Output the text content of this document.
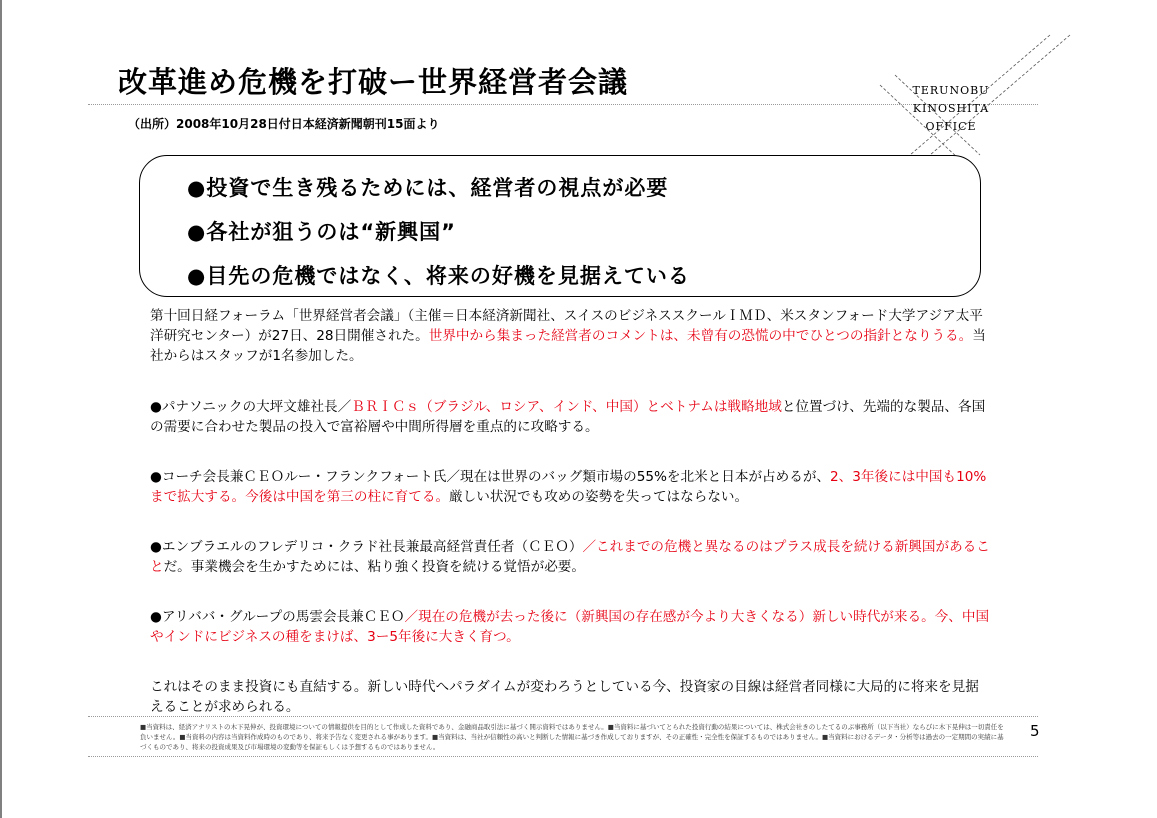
改革進め危機を打破ー世界経営者会議
（出所）2008年10月28日付日本経済新聞朝刊15面より
TERUNOBU
KINOSHITA
OFFICE
●投資で生き残るためには、経営者の視点が必要
●各社が狙うのは“新興国”
●目先の危機ではなく、将来の好機を見据えている

第十回日経フォーラム「世界経営者会議」（主催＝日本経済新聞社、スイスのビジネススクールＩＭＤ、米スタンフォード大学アジア太平洋研究センター）が27日、28日開催された。世界中から集まった経営者のコメントは、未曾有の恐慌の中でひとつの指針となりうる。当社からはスタッフが1名参加した。

●パナソニックの大坪文雄社長／ＢＲＩＣｓ（ブラジル、ロシア、インド、中国）とベトナムは戦略地域と位置づけ、先端的な製品、各国の需要に合わせた製品の投入で富裕層や中間所得層を重点的に攻略する。

●コーチ会長兼ＣＥＯルー・フランクフォート氏／現在は世界のバッグ類市場の55%を北米と日本が占めるが、2、3年後には中国も10%まで拡大する。今後は中国を第三の柱に育てる。厳しい状況でも攻めの姿勢を失ってはならない。

●エンブラエルのフレデリコ・クラド社長兼最高経営責任者（ＣＥＯ）／これまでの危機と異なるのはプラス成長を続ける新興国があることだ。事業機会を生かすためには、粘り強く投資を続ける覚悟が必要。

●アリババ・グループの馬雲会長兼ＣＥＯ／現在の危機が去った後に（新興国の存在感が今より大きくなる）新しい時代が来る。今、中国やインドにビジネスの種をまけば、3ー5年後に大きく育つ。

これはそのまま投資にも直結する。新しい時代へパラダイムが変わろうとしている今、投資家の目線は経営者同様に大局的に将来を見据えることが求められる。

■当資料は、経済アナリストの木下晃伸が、投資環境についての情報提供を目的として作成した資料であり、金融商品取引法に基づく開示資料ではありません。■当資料に基づいてとられた投資行動の結果については、株式会社きのしたてるのぶ事務所（以下当社）ならびに木下晃伸は一切責任を負いません。■当資料の内容は当資料作成時のものであり、将来予告なく変更される事があります。■当資料は、当社が信頼性の高いと判断した情報に基づき作成しておりますが、その正確性・完全性を保証するものではありません。■当資料におけるデータ・分析等は過去の一定期間の実績に基づくものであり、将来の投資成果及び市場環境の変動等を保証もしくは予想するものではありません。

5
